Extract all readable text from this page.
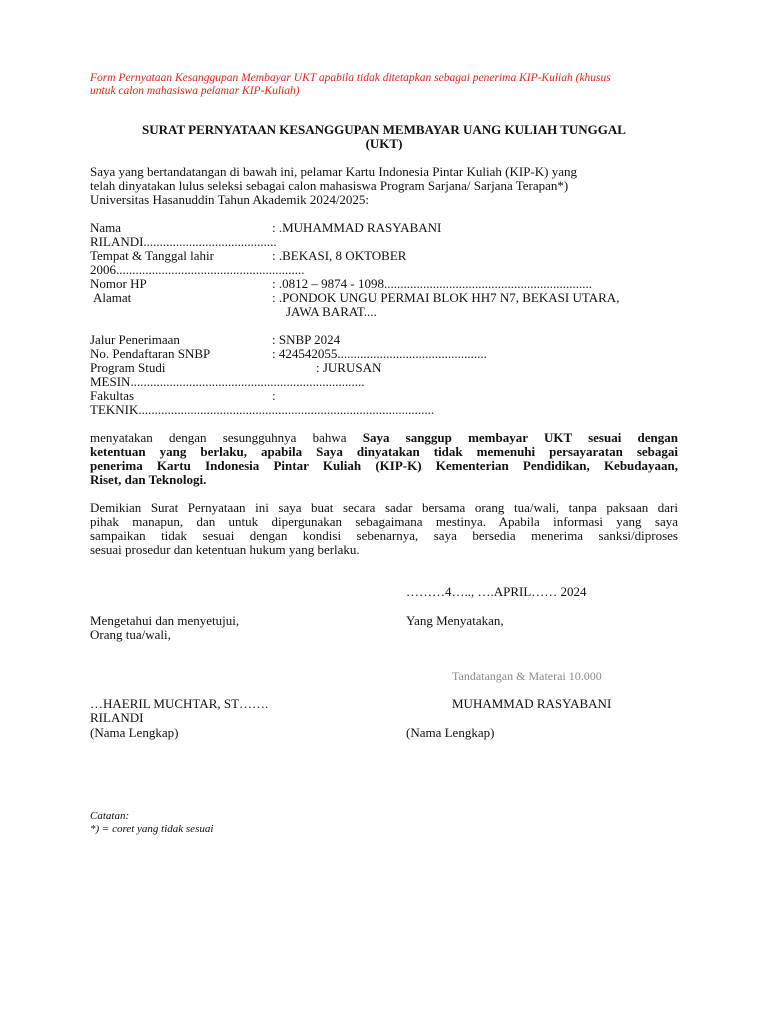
Form Pernyataan Kesanggupan Membayar UKT apabila tidak ditetapkan sebagai penerima KIP-Kuliah (khusus
untuk calon mahasiswa pelamar KIP-Kuliah)
SURAT PERNYATAAN KESANGGUPAN MEMBAYAR UANG KULIAH TUNGGAL
(UKT)
Saya yang bertandatangan di bawah ini, pelamar Kartu Indonesia Pintar Kuliah (KIP-K) yang
telah dinyatakan lulus seleksi sebagai calon mahasiswa Program Sarjana/ Sarjana Terapan*)
Universitas Hasanuddin Tahun Akademik 2024/2025:
Nama	: .MUHAMMAD RASYABANI
RILANDI.........................................
Tempat & Tanggal lahir	: .BEKASI, 8 OKTOBER
2006..........................................................
Nomor HP	: .0812 – 9874 - 1098................................................................
Alamat	: .PONDOK UNGU PERMAI BLOK HH7 N7, BEKASI UTARA,
JAWA BARAT....
Jalur Penerimaan	: SNBP 2024
No. Pendaftaran SNBP	: 424542055..............................................
Program Studi	: JURUSAN
MESIN........................................................................
Fakultas	:
TEKNIK...........................................................................................
menyatakan dengan sesungguhnya bahwa Saya sanggup membayar UKT sesuai dengan
ketentuan yang berlaku, apabila Saya dinyatakan tidak memenuhi persayaratan sebagai
penerima Kartu Indonesia Pintar Kuliah (KIP-K) Kementerian Pendidikan, Kebudayaan,
Riset, dan Teknologi.
Demikian Surat Pernyataan ini saya buat secara sadar bersama orang tua/wali, tanpa paksaan dari
pihak manapun, dan untuk dipergunakan sebagaimana mestinya. Apabila informasi yang saya
sampaikan tidak sesuai dengan kondisi sebenarnya, saya bersedia menerima sanksi/diproses
sesuai prosedur dan ketentuan hukum yang berlaku.
………4….., ….APRIL…… 2024
Mengetahui dan menyetujui,
Orang tua/wali,
Yang Menyatakan,
Tandatangan & Materai 10.000
…HAERIL MUCHTAR, ST…….	MUHAMMAD RASYABANI
RILANDI
(Nama Lengkap)	(Nama Lengkap)
Catatan:
*) = coret yang tidak sesuai
